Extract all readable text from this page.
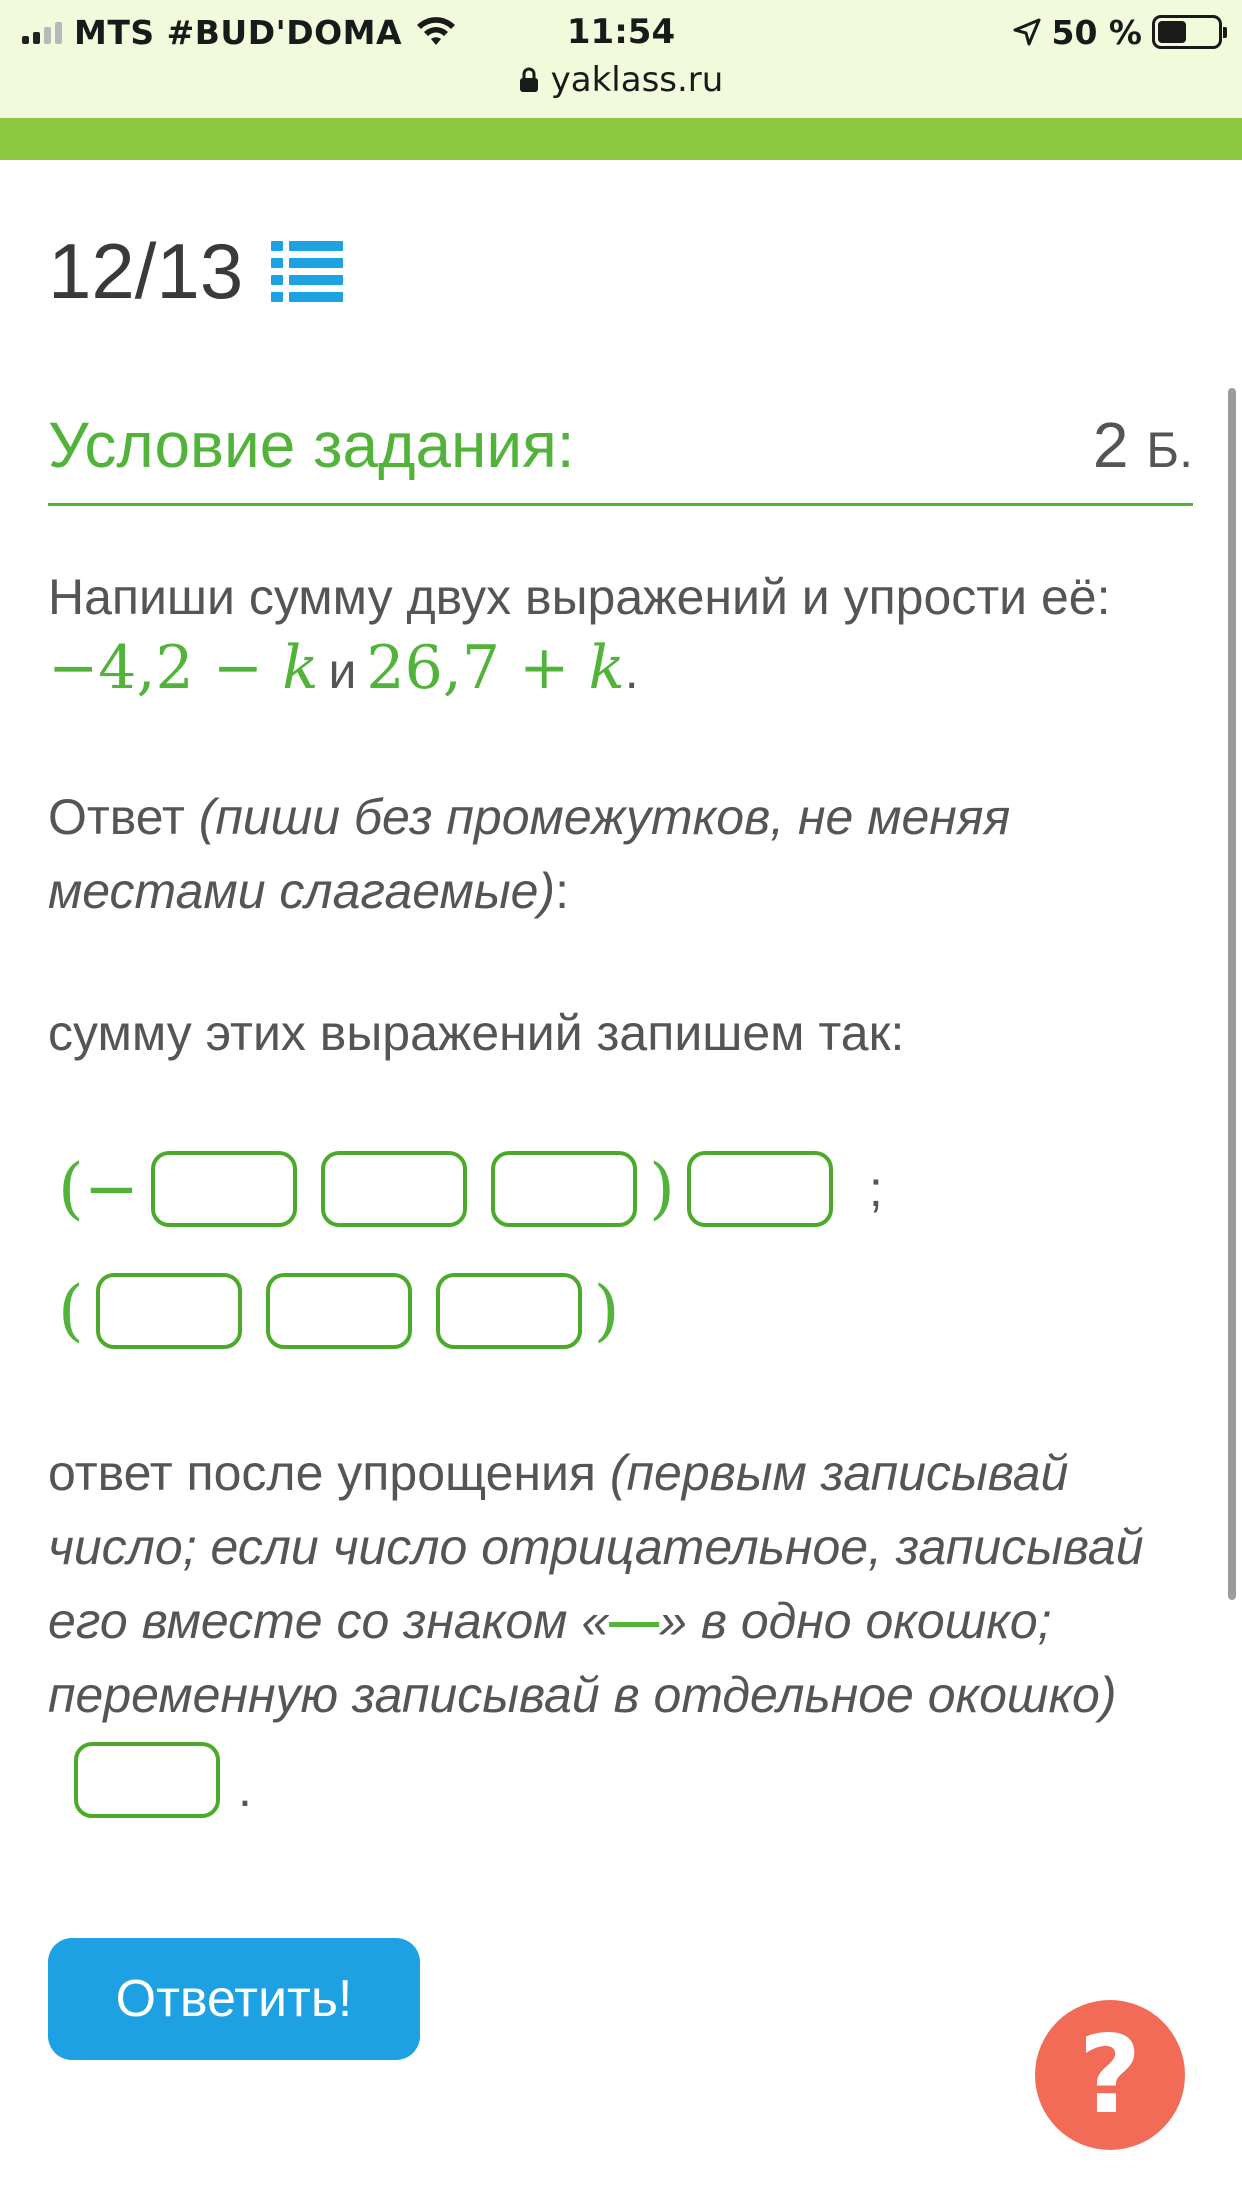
MTS #BUD'DOMA	11:54	50 %
yaklass.ru
12/13
Условие задания:	2 Б.
Напиши сумму двух выражений и упрости её:
−4,2 − k и 26,7 + k.
Ответ (пиши без промежутков, не меняя местами слагаемые):
сумму этих выражений запишем так:
(−	)	;
(	)
ответ после упрощения (первым записывай число; если число отрицательное, записывай его вместе со знаком «—» в одно окошко; переменную записывай в отдельное окошко)
.
Ответить!
?
